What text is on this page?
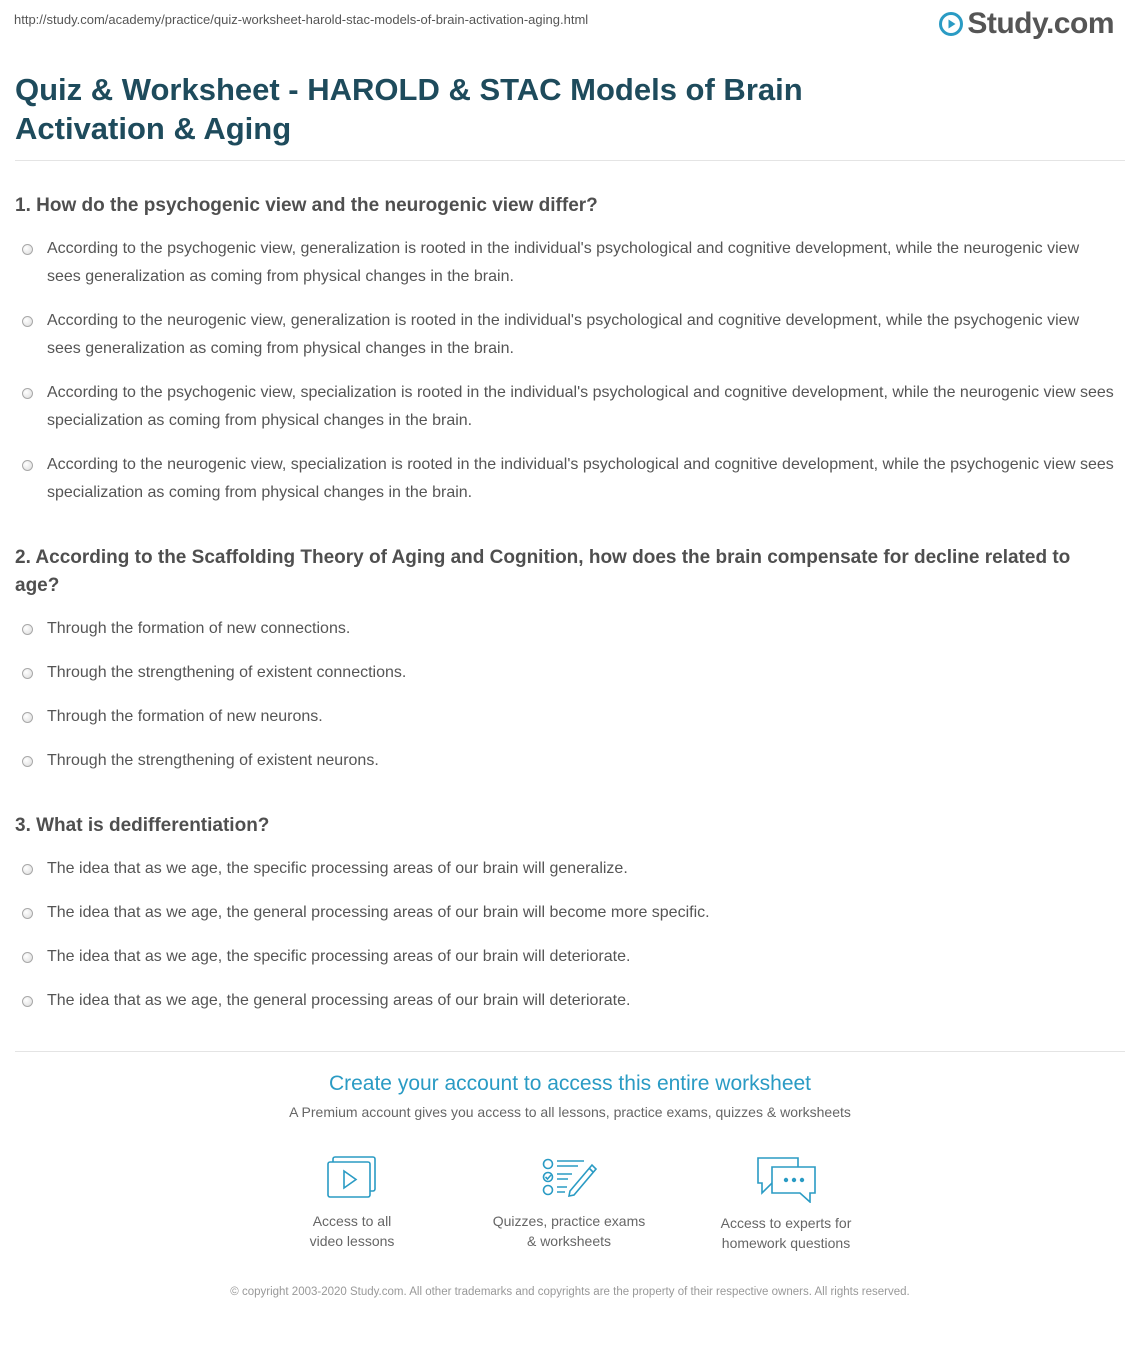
http://study.com/academy/practice/quiz-worksheet-harold-stac-models-of-brain-activation-aging.html	Study.com
Quiz & Worksheet - HAROLD & STAC Models of Brain Activation & Aging
1. How do the psychogenic view and the neurogenic view differ?
According to the psychogenic view, generalization is rooted in the individual's psychological and cognitive development, while the neurogenic view sees generalization as coming from physical changes in the brain.
According to the neurogenic view, generalization is rooted in the individual's psychological and cognitive development, while the psychogenic view sees generalization as coming from physical changes in the brain.
According to the psychogenic view, specialization is rooted in the individual's psychological and cognitive development, while the neurogenic view sees specialization as coming from physical changes in the brain.
According to the neurogenic view, specialization is rooted in the individual's psychological and cognitive development, while the psychogenic view sees specialization as coming from physical changes in the brain.
2. According to the Scaffolding Theory of Aging and Cognition, how does the brain compensate for decline related to age?
Through the formation of new connections.
Through the strengthening of existent connections.
Through the formation of new neurons.
Through the strengthening of existent neurons.
3. What is dedifferentiation?
The idea that as we age, the specific processing areas of our brain will generalize.
The idea that as we age, the general processing areas of our brain will become more specific.
The idea that as we age, the specific processing areas of our brain will deteriorate.
The idea that as we age, the general processing areas of our brain will deteriorate.
Create your account to access this entire worksheet
A Premium account gives you access to all lessons, practice exams, quizzes & worksheets
Access to all
video lessons
Quizzes, practice exams
& worksheets
Access to experts for
homework questions
© copyright 2003-2020 Study.com. All other trademarks and copyrights are the property of their respective owners. All rights reserved.
